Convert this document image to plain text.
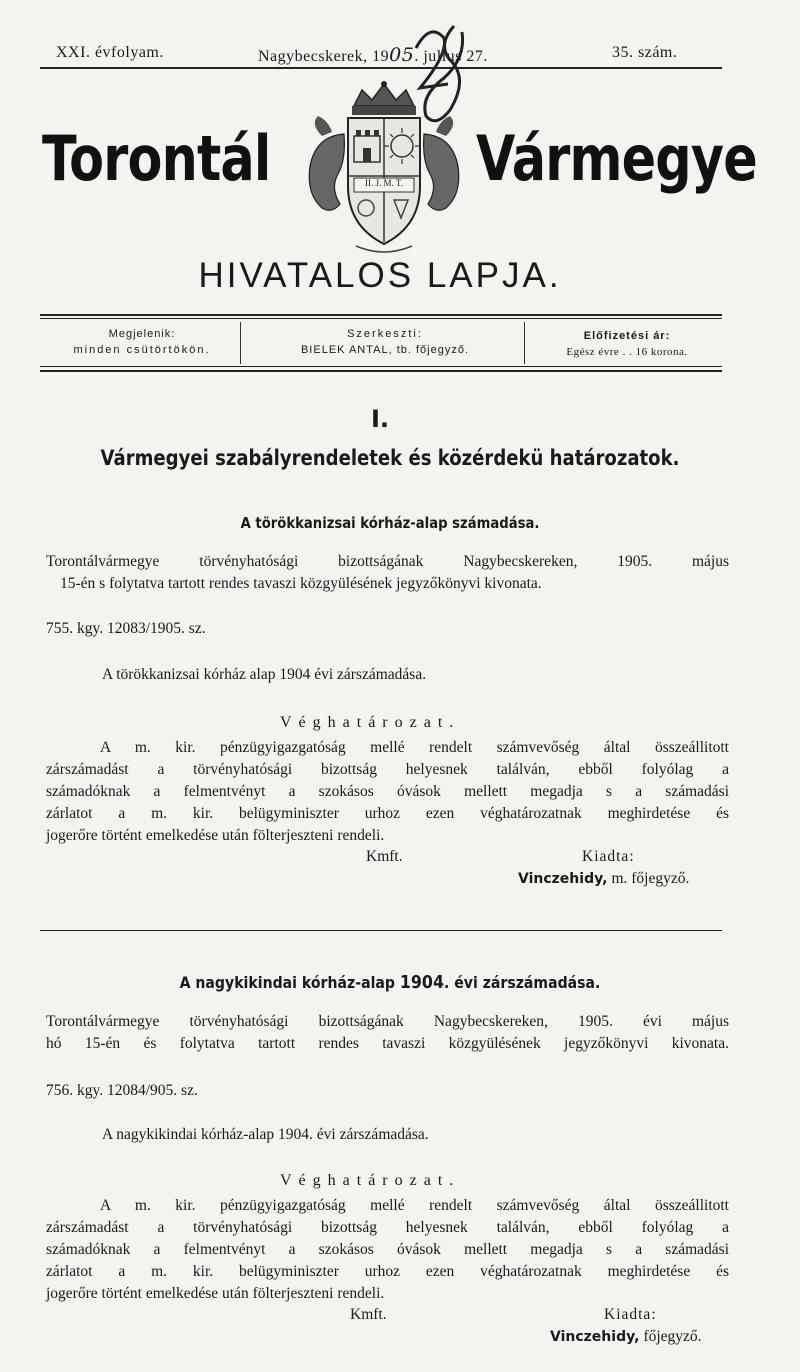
XXI. évfolyam.	Nagybecskerek, 1905. julius 27.	35. szám.
Torontál	Vármegye
II. J. M. T.
HIVATALOS LAPJA.
Megjelenik:
minden csütörtökön.
Szerkeszti:
BIELEK ANTAL, tb. főjegyző.
Előfizetési ár:
Egész évre . . 16 korona.
I.
Vármegyei szabályrendeletek és közérdekü határozatok.
A törökkanizsai kórház-alap számadása.
Torontálvármegye törvényhatósági bizottságának Nagybecskereken, 1905. május
15-én s folytatva tartott rendes tavaszi közgyülésének jegyzőkönyvi kivonata.
755. kgy. 12083/1905. sz.
A törökkanizsai kórház alap 1904 évi zárszámadása.
Véghatározat.
A m. kir. pénzügyigazgatóság mellé rendelt számvevőség által összeállitott
zárszámadást a törvényhatósági bizottság helyesnek találván, ebből folyólag a
számadóknak a felmentvényt a szokásos óvások mellett megadja s a számadási
zárlatot a m. kir. belügyminiszter urhoz ezen véghatározatnak meghirdetése és
jogerőre történt emelkedése után fölterjeszteni rendeli.
Kmft.	Kiadta:
Vinczehidy, m. főjegyző.
A nagykikindai kórház-alap 1904. évi zárszámadása.
Torontálvármegye törvényhatósági bizottságának Nagybecskereken, 1905. évi május
hó 15-én és folytatva tartott rendes tavaszi közgyülésének jegyzőkönyvi kivonata.
756. kgy. 12084/905. sz.
A nagykikindai kórház-alap 1904. évi zárszámadása.
Véghatározat.
A m. kir. pénzügyigazgatóság mellé rendelt számvevőség által összeállitott
zárszámadást a törvényhatósági bizottság helyesnek találván, ebből folyólag a
számadóknak a felmentvényt a szokásos óvások mellett megadja s a számadási
zárlatot a m. kir. belügyminiszter urhoz ezen véghatározatnak meghirdetése és
jogerőre történt emelkedése után fölterjeszteni rendeli.
Kmft.	Kiadta:
Vinczehidy, főjegyző.
